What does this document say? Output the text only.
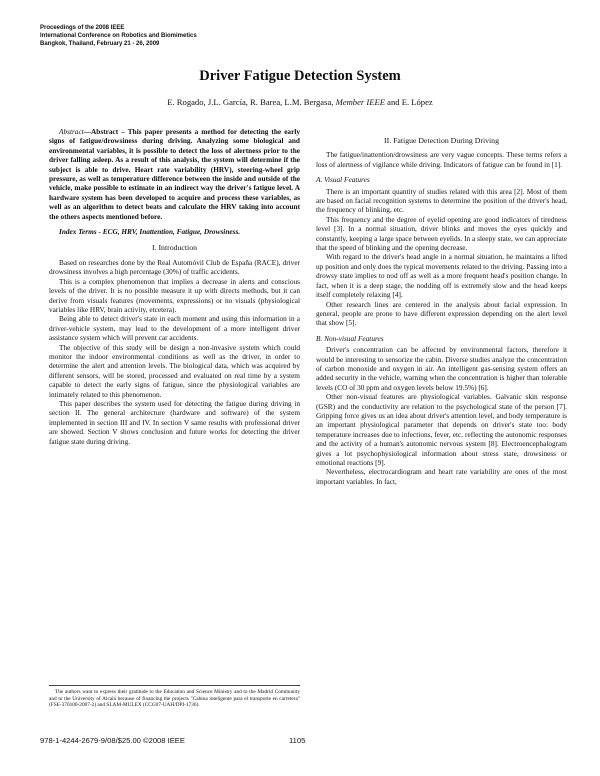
Proceedings of the 2008 IEEE
International Conference on Robotics and Biomimetics
Bangkok, Thailand, February 21 - 26, 2009
Driver Fatigue Detection System
E. Rogado, J.L. García, R. Barea, L.M. Bergasa, Member IEEE and E. López

Abstract—Abstract – This paper presents a method for detecting the early signs of fatigue/drowsiness during driving. Analyzing some biological and environmental variables, it is possible to detect the loss of alertness prior to the driver falling asleep. As a result of this analysis, the system will determine if the subject is able to drive. Heart rate variability (HRV), steering-wheel grip pressure, as well as temperature difference between the inside and outside of the vehicle, make possible to estimate in an indirect way the driver's fatigue level. A hardware system has been developed to acquire and process these variables, as well as an algorithm to detect beats and calculate the HRV taking into account the others aspects mentioned before.

Index Terms - ECG, HRV, Inattention, Fatigue, Drowsiness.

I. Introduction

Based on researches done by the Real Automóvil Club de España (RACE), driver drowsiness involves a high percentage (30%) of traffic accidents.

This is a complex phenomenon that implies a decrease in alerts and conscious levels of the driver. It is no possible measure it up with directs methods, but it can derive from visuals features (movements, expressions) or no visuals (physiological variables like HRV, brain activity, etcetera).

Being able to detect driver's state in each moment and using this information in a driver-vehicle system, may lead to the development of a more intelligent driver assistance system which will prevent car accidents.

The objective of this study will be design a non-invasive system which could monitor the indoor environmental conditions as well as the driver, in order to determine the alert and attention levels. The biological data, which was acquired by different sensors, will be stored, processed and evaluated on real time by a system capable to detect the early signs of fatigue, since the physiological variables are intimately related to this phenomenon.

This paper describes the system used for detecting the fatigue during driving in section II. The general architecture (hardware and software) of the system implemented in section III and IV. In section V same results with professional driver are showed. Section V shows conclusion and future works for detecting the driver fatigue state during driving.

The authors want to express their gratitude to the Education and Science Ministry and to the Madrid Community and to the University of Alcalá because of financing the projects "Cabina inteligente para el transporte en carretera" (FSE-370100-2007-2) and SLAM-MULEX (CCG07-UAH/DPI-1736).

II. Fatigue Detection During Driving

The fatigue/inattention/drowsiness are very vague concepts. These terms refers a loss of alertness of vigilance while driving. Indicators of fatigue can be found in [1].

A. Visual Features

There is an important quantity of studies related with this area [2]. Most of them are based on facial recognition systems to determine the position of the driver's head, the frequency of blinking, etc.

This frequency and the degree of eyelid opening are good indicators of tiredness level [3]. In a normal situation, driver blinks and moves the eyes quickly and constantly, keeping a large space between eyelids. In a sleepy state, we can appreciate that the speed of blinking and the opening decrease.

With regard to the driver's head angle in a normal situation, he maintains a lifted up position and only does the typical movements related to the driving. Passing into a drowsy state implies to nod off as well as a more frequent head's position change. In fact, when it is a deep stage, the nodding off is extremely slow and the head keeps itself completely relaxing [4].

Other research lines are centered in the analysis about facial expression. In general, people are prone to have different expression depending on the alert level that show [5].

B. Non-visual Features

Driver's concentration can be affected by environmental factors, therefore it would be interesting to sensorize the cabin. Diverse studies analyze the concentration of carbon monoxide and oxygen in air. An intelligent gas-sensing system offers an added security in the vehicle, warning when the concentration is higher than tolerable levels (CO of 30 ppm and oxygen levels below 19.5%) [6].

Other non-visual features are physiological variables. Galvanic skin response (GSR) and the conductivity are relation to the psychological state of the person [7]. Gripping force gives us an idea about driver's attention level, and body temperature is an important physiological parameter that depends on driver's state too: body temperature increases due to infections, fever, etc. reflecting the autonomic responses and the activity of a human's autonomic nervous system [8]. Electroencephalogram gives a lot psychophysiological information about stress state, drowsiness or emotional reactions [9].

Nevertheless, electrocardiogram and heart rate variability are ones of the most important variables. In fact,

978-1-4244-2679-9/08/$25.00 ©2008 IEEE	1105
